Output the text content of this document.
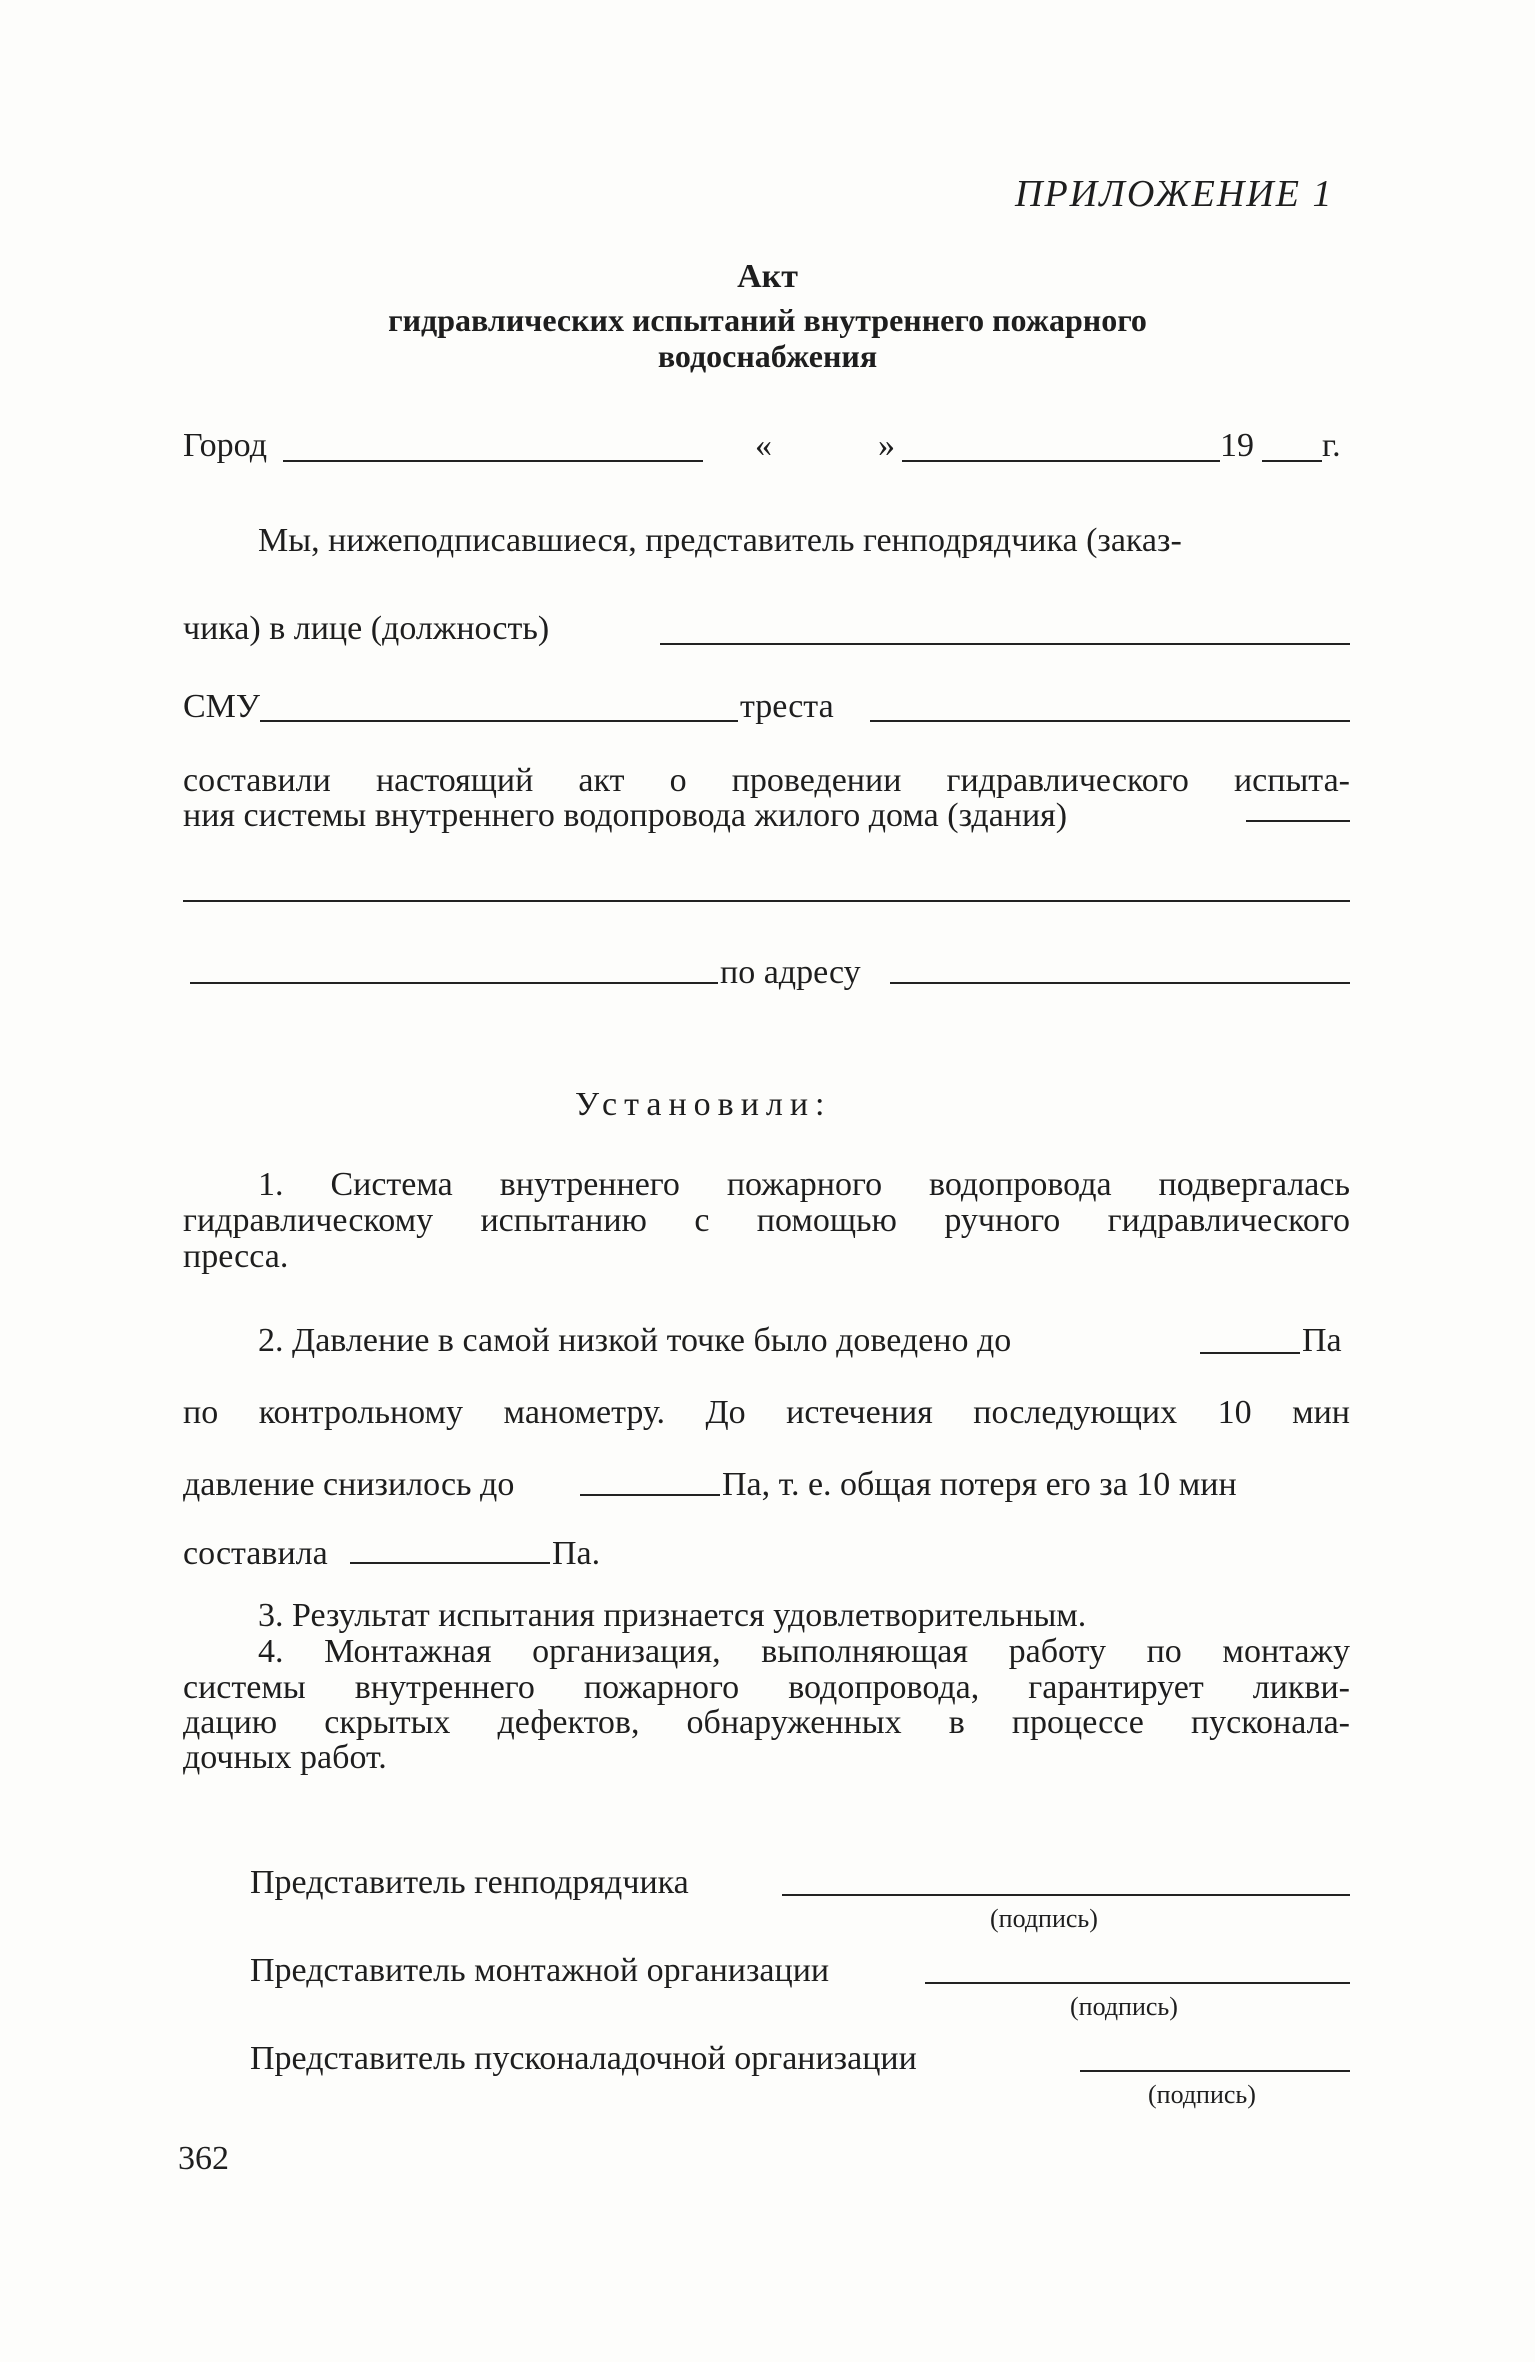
ПРИЛОЖЕНИЕ 1
Акт
гидравлических испытаний внутреннего пожарного
водоснабжения
Город	«	»	19 г.
Мы, нижеподписавшиеся, представитель генподрядчика (заказ-
чика) в лице (должность)
СМУ	треста
составили настоящий акт о проведении гидравлического испыта-
ния системы внутреннего водопровода жилого дома (здания)
по адресу
Установили:
1. Система внутреннего пожарного водопровода подвергалась
гидравлическому испытанию с помощью ручного гидравлического
пресса.
2. Давление в самой низкой точке было доведено до	Па
по контрольному манометру. До истечения последующих 10 мин
давление снизилось до	Па, т. е. общая потеря его за 10 мин
составила	Па.
3. Результат испытания признается удовлетворительным.
4. Монтажная организация, выполняющая работу по монтажу
системы внутреннего пожарного водопровода, гарантирует ликви-
дацию скрытых дефектов, обнаруженных в процессе пусконала-
дочных работ.
Представитель генподрядчика
(подпись)
Представитель монтажной организации
(подпись)
Представитель пусконаладочной организации
(подпись)
362
